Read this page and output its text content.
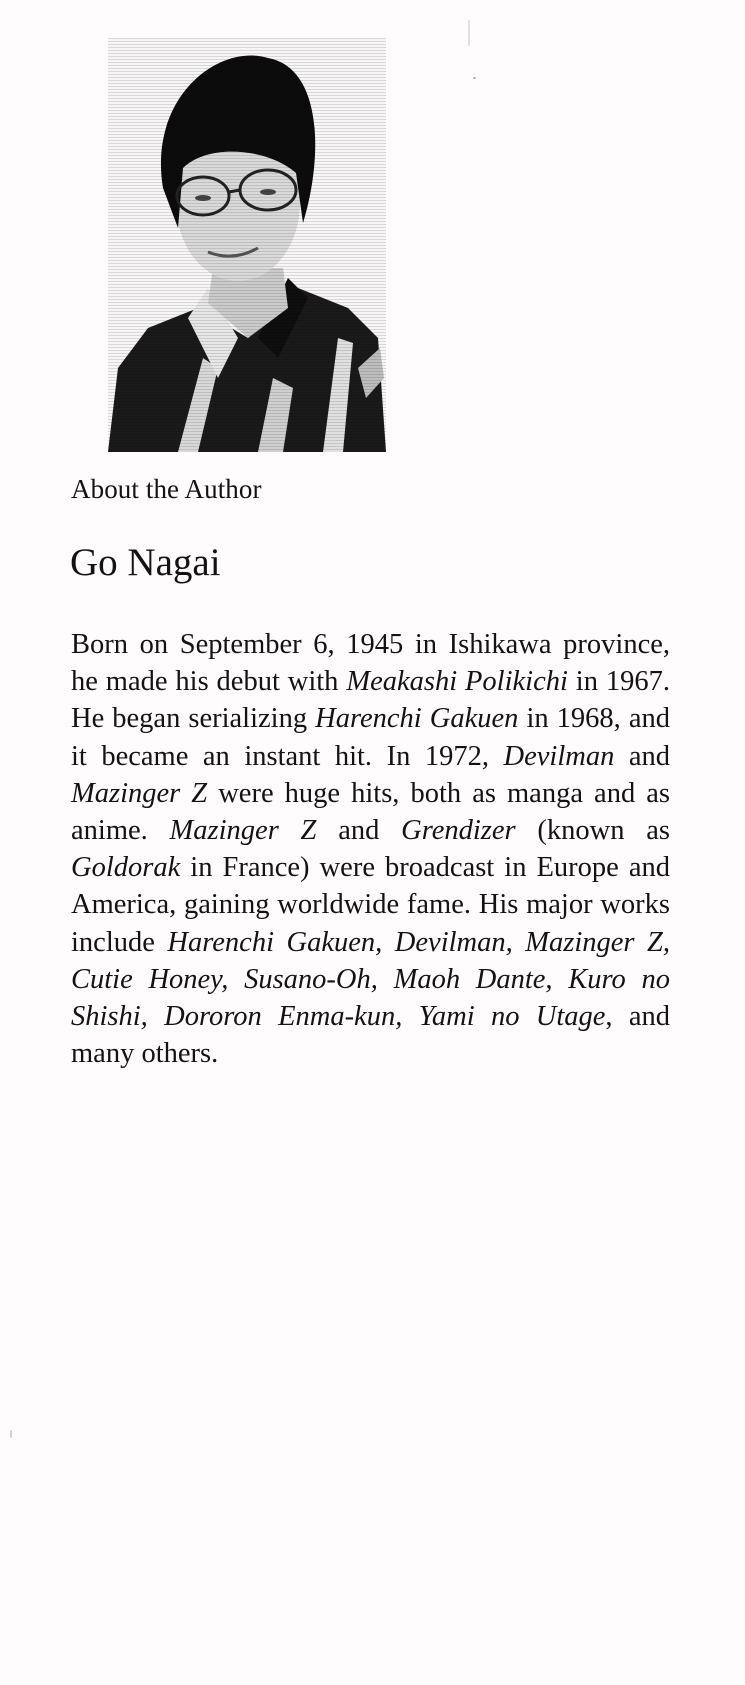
About the Author
Go Nagai

Born on September 6, 1945 in Ishikawa province, he made his debut with Meakashi Polikichi in 1967. He began serializing Harenchi Gakuen in 1968, and it became an instant hit. In 1972, Devilman and Mazinger Z were huge hits, both as manga and as anime. Mazinger Z and Grendizer (known as Goldorak in France) were broadcast in Europe and America, gaining worldwide fame. His major works include Harenchi Gakuen, Devilman, Mazinger Z, Cutie Honey, Susano-Oh, Maoh Dante, Kuro no Shishi, Dororon Enma-kun, Yami no Utage, and many others.
